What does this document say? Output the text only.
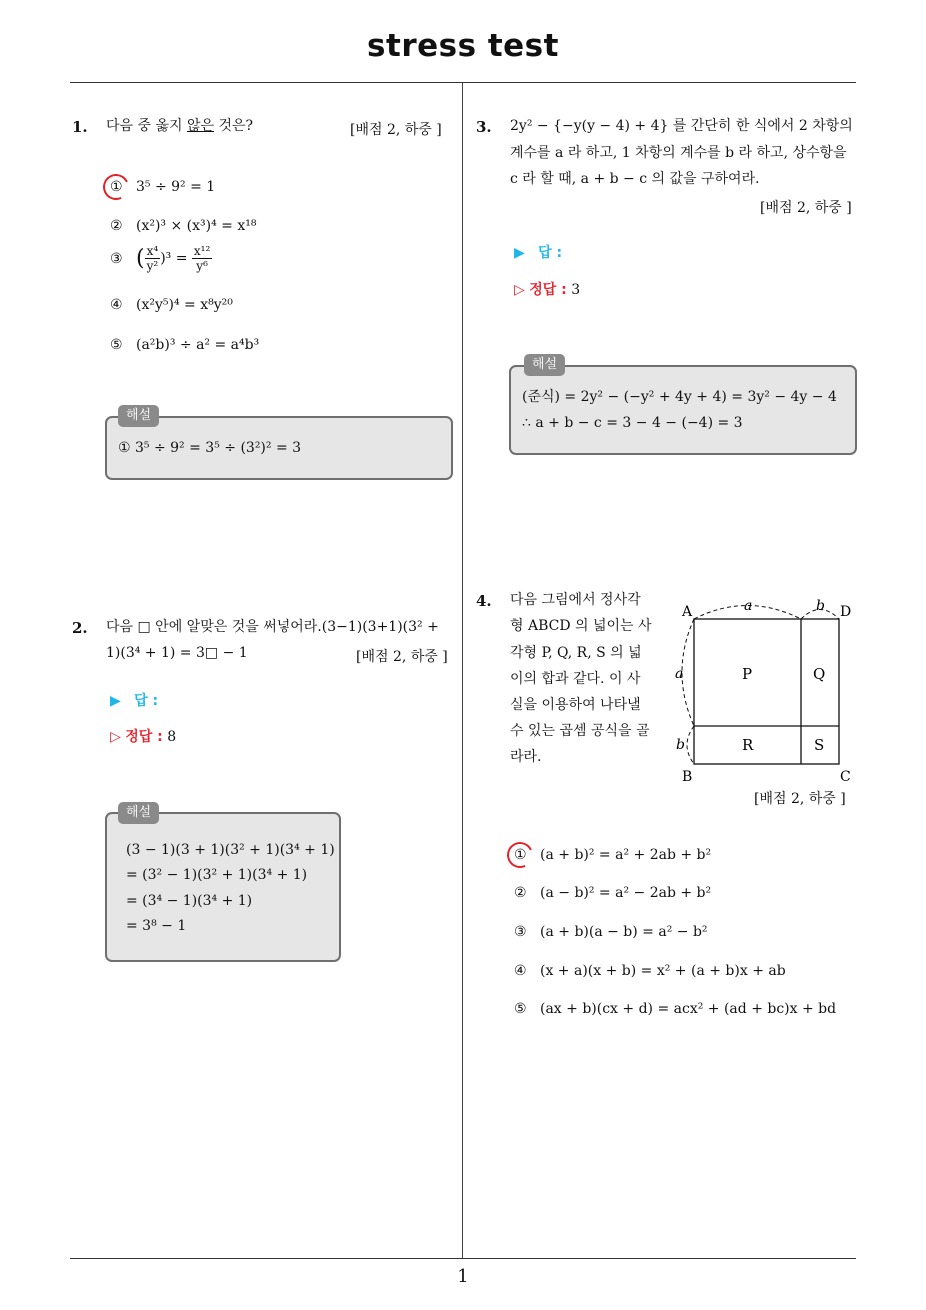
stress test
1. 다음 중 옳지 않은 것은?	[배점 2, 하중 ]
① 3⁵ ÷ 9² = 1
② (x²)³ × (x³)⁴ = x¹⁸
③ ( $\frac{\text{x⁴}}{\text{y²}} )^3 = \frac{\text{x¹²}}{\text{y⁶}}$
④ (x²y⁵)⁴ = x⁸y²⁰
⑤ (a²b)³ ÷ a² = a⁴b³
해설
① 3⁵ ÷ 9² = 3⁵ ÷ (3²)² = 3
2. 다음 □ 안에 알맞은 것을 써넣어라.(3−1)(3+1)(3² +
1)(3⁴ + 1) = 3□ − 1	[배점 2, 하중 ]
▶ 답 :
▷ 정답 : 8
해설
(3 − 1)(3 + 1)(3² + 1)(3⁴ + 1)
= (3² − 1)(3² + 1)(3⁴ + 1)
= (3⁴ − 1)(3⁴ + 1)
= 3⁸ − 1
3. 2y² − {−y(y − 4) + 4} 를 간단히 한 식에서 2 차항의
계수를 a 라 하고, 1 차항의 계수를 b 라 하고, 상수항을
c 라 할 때, a + b − c 의 값을 구하여라.
[배점 2, 하중 ]
▶ 답 :
▷ 정답 : 3
해설
(준식) = 2y² − (−y² + 4y + 4) = 3y² − 4y − 4
∴ a + b − c = 3 − 4 − (−4) = 3
4. 다음 그림에서 정사각
형 ABCD 의 넓이는 사
각형 P, Q, R, S 의 넓
이의 합과 같다. 이 사
실을 이용하여 나타낼
수 있는 곱셈 공식을 골
라라.
A	D
B	C
a	b
a
b
P	Q
R	S
[배점 2, 하중 ]
① (a + b)² = a² + 2ab + b²
② (a − b)² = a² − 2ab + b²
③ (a + b)(a − b) = a² − b²
④ (x + a)(x + b) = x² + (a + b)x + ab
⑤ (ax + b)(cx + d) = acx² + (ad + bc)x + bd
1
